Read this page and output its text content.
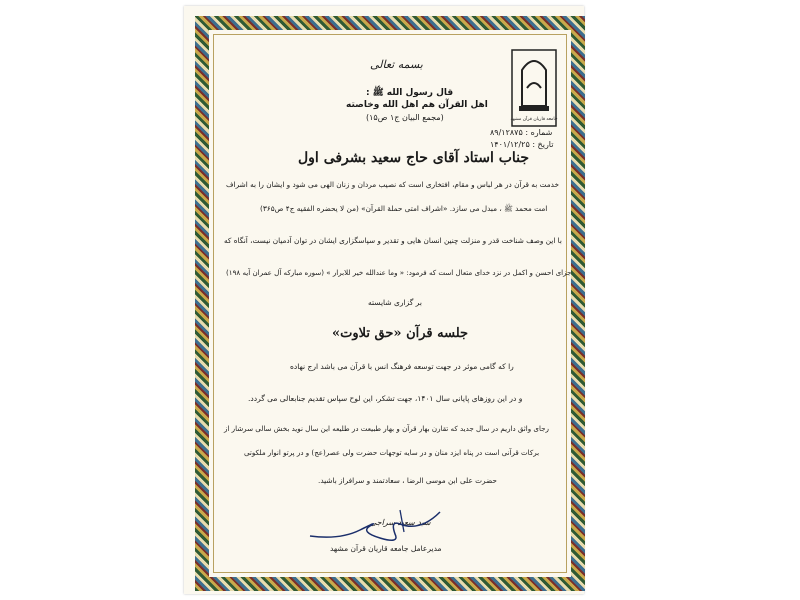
جامعه قاریان قرآن مشهد
بسمه تعالی
قال رسول الله ﷺ :
اهل القرآن هم اهل الله وخاصته
(مجمع البیان ج۱ ص۱۵)
شماره : ۸۹/۱۲۸۷۵
تاریخ : ۱۴۰۱/۱۲/۲۵
جناب استاد آقای حاج سعید بشرفی اول
خدمت به قرآن در هر لباس و مقام، افتخاری است که نصیب مردان و زنان الهی می شود و ایشان را به اشراف
امت محمد ﷺ ، مبدل می سازد. «اشراف امتی حملة القرآن» (من لا یحضره الفقیه ج۴ ص۳۶۵)
با این وصف شناخت قدر و منزلت چنین انسان هایی و تقدیر و سپاسگزاری ایشان در توان آدمیان نیست، آنگاه که
جزای احسن و اکمل در نزد خدای متعال است که فرمود: « وما عندالله خیر للابرار » (سوره مبارکه آل عمران آیه ۱۹۸)
بر گزاری شایسته
جلسه قرآن «حق تلاوت»
را که گامی موثر در جهت توسعه فرهنگ انس با قرآن می باشد ارج نهاده
و در این روزهای پایانی سال ۱۴۰۱، جهت تشکر، این لوح سپاس تقدیم جنابعالی می گردد.
رجای واثق داریم در سال جدید که تقارن بهار قرآن و بهار طبیعت در طلیعه این سال نوید بخش سالی سرشار از
برکات قرآنی است در پناه ایزد منان و در سایه توجهات حضرت ولی عصر(عج) و در پرتو انوار ملکوتی
حضرت علی ابن موسی الرضا ، سعادتمند و سرافراز باشید.
سید سعید سراجی
مدیرعامل جامعه قاریان قرآن مشهد
